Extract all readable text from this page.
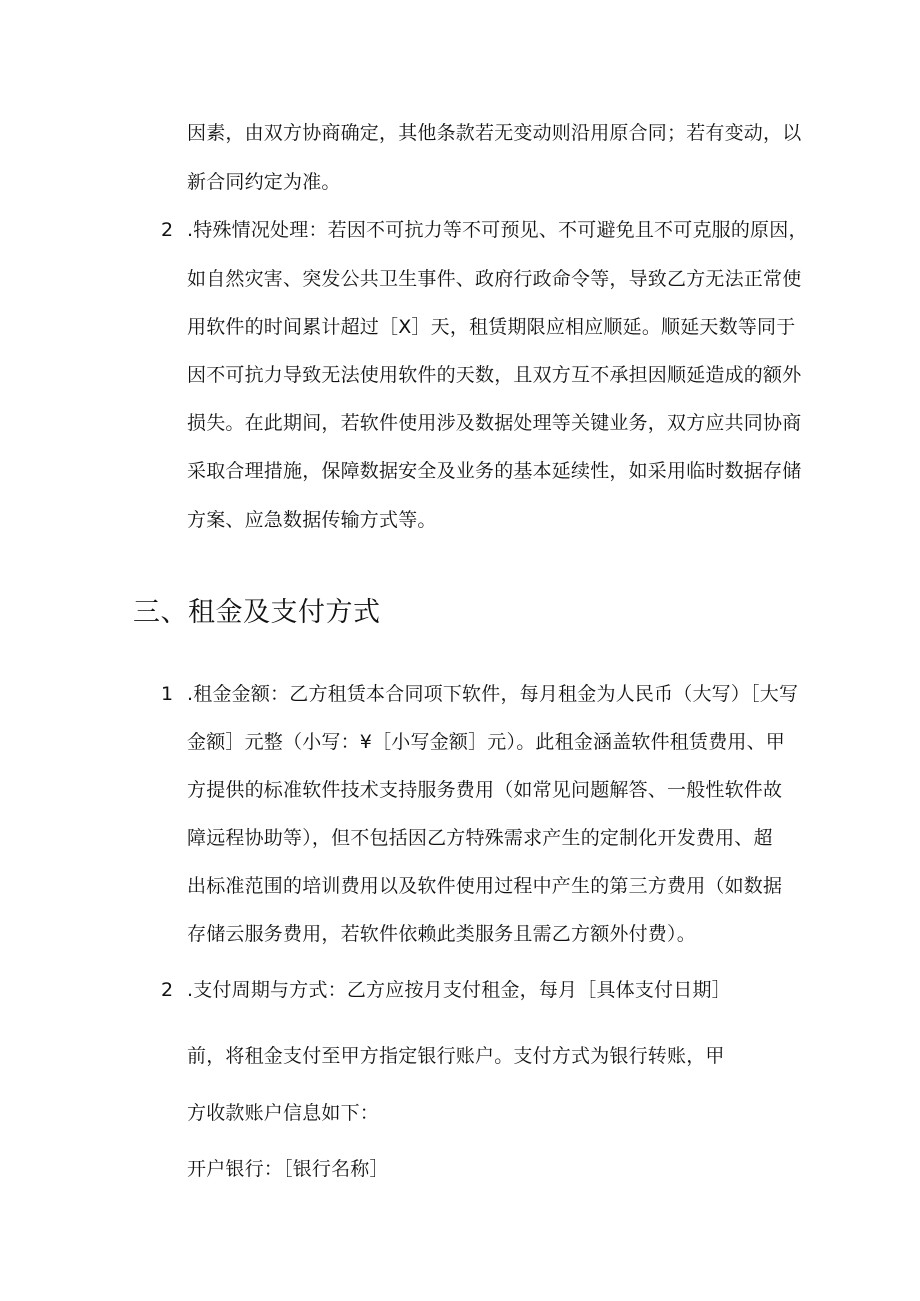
因素，由双方协商确定，其他条款若无变动则沿用原合同；若有变动，以
新合同约定为准。
2 .特殊情况处理：若因不可抗力等不可预见、不可避免且不可克服的原因，
如自然灾害、突发公共卫生事件、政府行政命令等，导致乙方无法正常使
用软件的时间累计超过［X］天，租赁期限应相应顺延。顺延天数等同于
因不可抗力导致无法使用软件的天数，且双方互不承担因顺延造成的额外
损失。在此期间，若软件使用涉及数据处理等关键业务，双方应共同协商
采取合理措施，保障数据安全及业务的基本延续性，如采用临时数据存储
方案、应急数据传输方式等。
三、租金及支付方式
1 .租金金额：乙方租赁本合同项下软件，每月租金为人民币（大写）［大写
金额］元整（小写：¥［小写金额］元）。此租金涵盖软件租赁费用、甲
方提供的标准软件技术支持服务费用（如常见问题解答、一般性软件故
障远程协助等），但不包括因乙方特殊需求产生的定制化开发费用、超
出标准范围的培训费用以及软件使用过程中产生的第三方费用（如数据
存储云服务费用，若软件依赖此类服务且需乙方额外付费）。
2 .支付周期与方式：乙方应按月支付租金，每月［具体支付日期］
前，将租金支付至甲方指定银行账户。支付方式为银行转账，甲
方收款账户信息如下：
开户银行：［银行名称］
